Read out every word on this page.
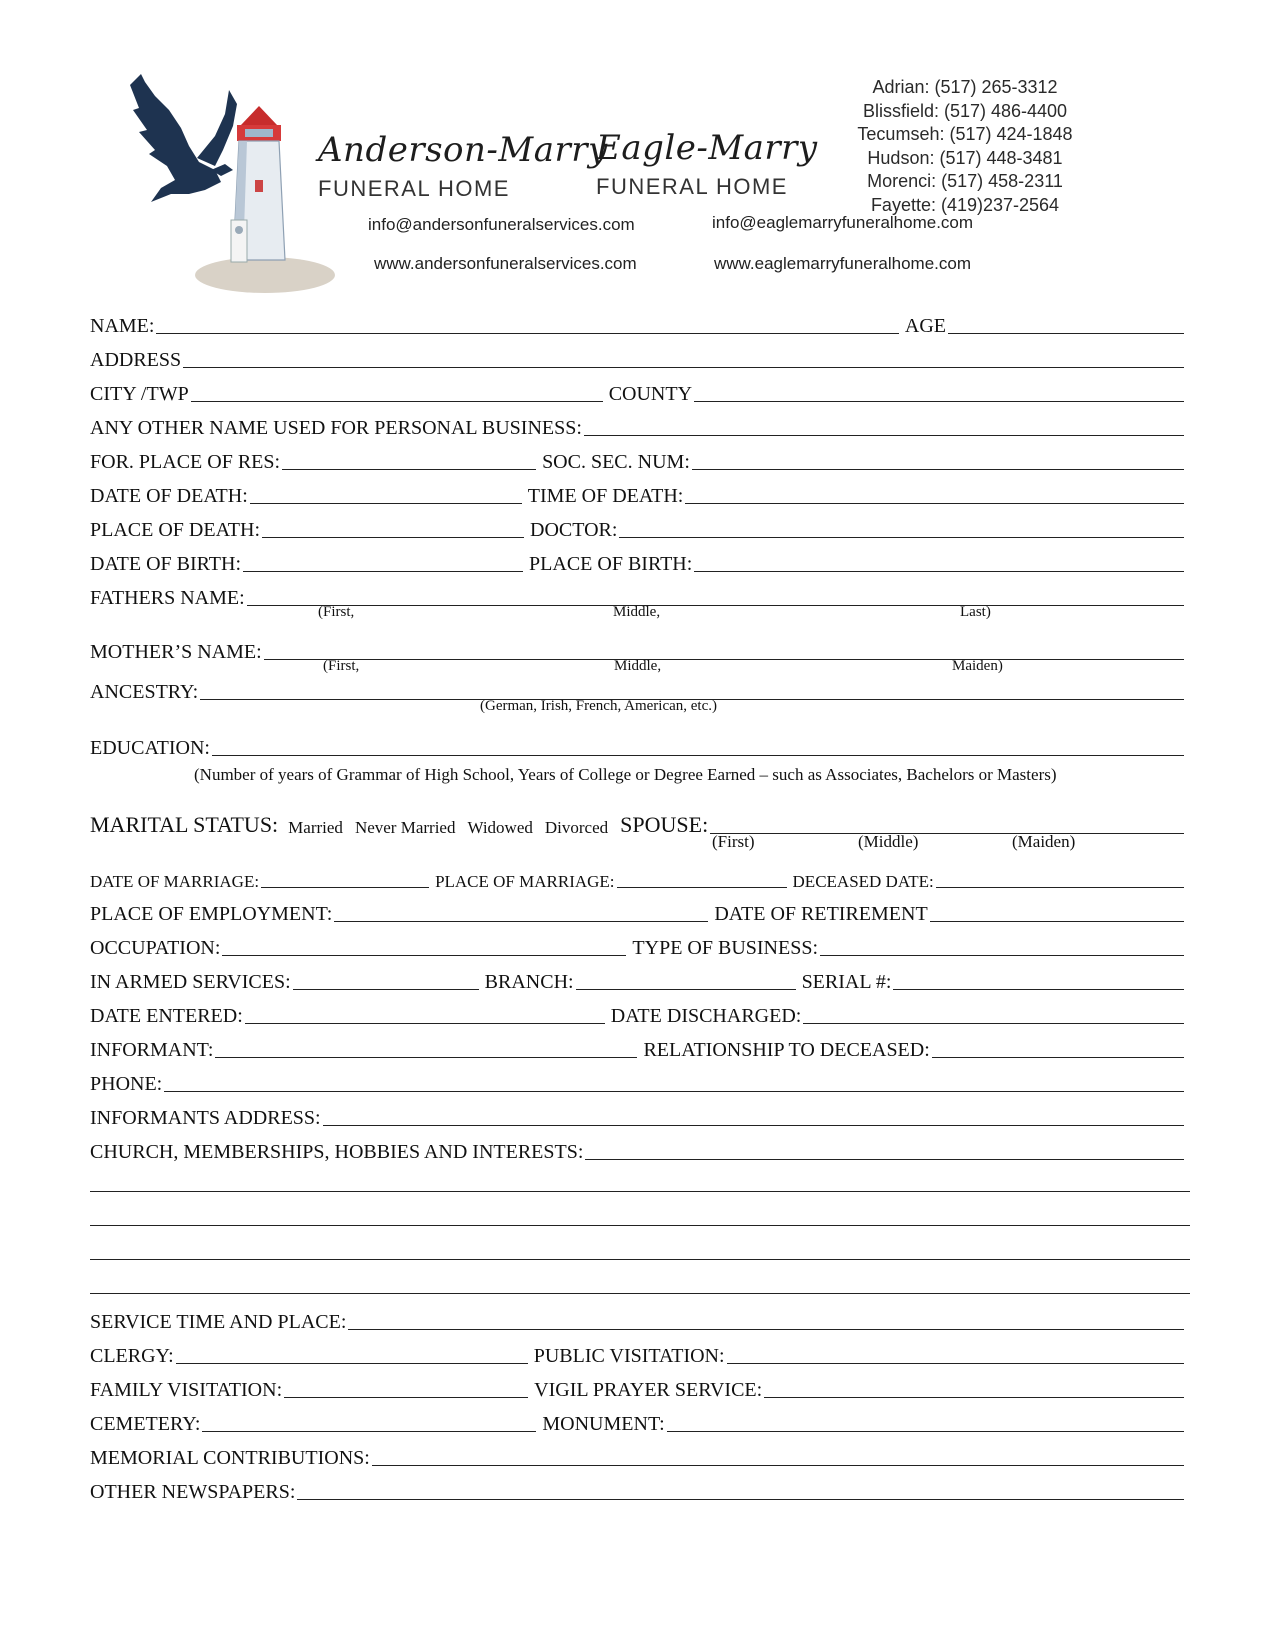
Anderson-Marry
FUNERAL HOME
Eagle-Marry
FUNERAL HOME
info@andersonfuneralservices.com
www.andersonfuneralservices.com
info@eaglemarryfuneralhome.com
www.eaglemarryfuneralhome.com
Adrian: (517) 265-3312
Blissfield: (517) 486-4400
Tecumseh: (517) 424-1848
Hudson: (517) 448-3481
Morenci: (517) 458-2311
Fayette: (419)237-2564
NAME:	AGE
ADDRESS
CITY /TWP	COUNTY
ANY OTHER NAME USED FOR PERSONAL BUSINESS:
FOR. PLACE OF RES:	SOC. SEC. NUM:
DATE OF DEATH:	TIME OF DEATH:
PLACE OF DEATH:	DOCTOR:
DATE OF BIRTH:	PLACE OF BIRTH:
FATHERS NAME:
(First,	Middle,	Last)
MOTHER’S NAME:
(First,	Middle,	Maiden)
ANCESTRY:
(German, Irish, French, American, etc.)
EDUCATION:
(Number of years of Grammar of High School, Years of College or Degree Earned – such as Associates, Bachelors or Masters)
MARITAL STATUS: Married Never Married Widowed Divorced SPOUSE:
(First)	(Middle)	(Maiden)
DATE OF MARRIAGE:	PLACE OF MARRIAGE:	DECEASED DATE:
PLACE OF EMPLOYMENT:	DATE OF RETIREMENT
OCCUPATION:	TYPE OF BUSINESS:
IN ARMED SERVICES:	BRANCH:	SERIAL #:
DATE ENTERED:	DATE DISCHARGED:
INFORMANT:	RELATIONSHIP TO DECEASED:
PHONE:
INFORMANTS ADDRESS:
CHURCH, MEMBERSHIPS, HOBBIES AND INTERESTS:
SERVICE TIME AND PLACE:
CLERGY:	PUBLIC VISITATION:
FAMILY VISITATION:	VIGIL PRAYER SERVICE:
CEMETERY:	MONUMENT:
MEMORIAL CONTRIBUTIONS:
OTHER NEWSPAPERS:
